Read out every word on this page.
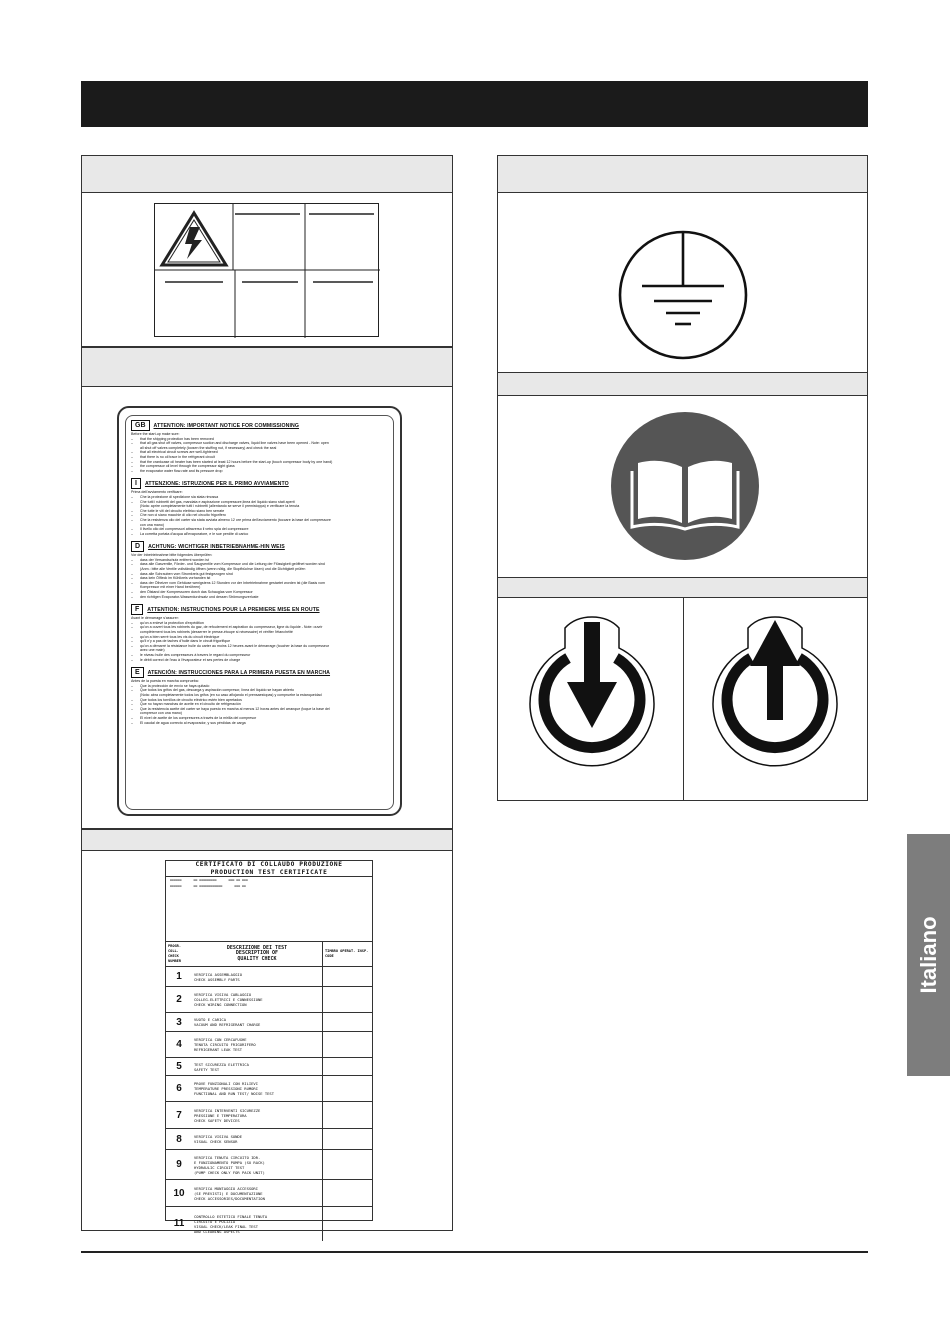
GB	ATTENTION: IMPORTANT NOTICE FOR COMMISSIONING
Before the start-up make sure:
–	that the shipping protection has been removed
–	that all gas shut off valves, compressor suction and discharge valves, liquid line valves have been opened - Note: open
all shut off valves completely (loosen the stuffing nut, if necessary) and check the seal
–	that all electrical circuit screws are well-tightened
–	that there is no oil trace in the refrigerant circuit
–	that the crankcase oil heater has been started at least 12 hours before the start-up (touch compressor body by one hand)
–	the compressor oil level through the compressor sight glass
–	the evaporator water flow-rate and its pressure drop
I	ATTENZIONE: ISTRUZIONE PER IL PRIMO AVVIAMENTO
Prima dell'avviamento verificare:
–	Che la protezione di spedizione sia stata rimossa
–	Che tutti i rubinetti del gas, mandata e aspirazione compressore,linea del liquido siano stati aperti
(Nota: aprire completamente tutti i rubinetti (allentando se serve il premistoppa) e verificare la tenuta
–	Che tutte le viti del circuito elettrico siano ben serrate
–	Che non ci siano macchie di olio nel circuito frigorifero
–	Che la resistenza olio del carter sia stata avviata almeno 12 ore prima dell'avviamento (toccare la base del compressore
con una mano)
–	Il livello olio del compressori attraverso il vetro spia del compressore
–	La corretta portata d'acqua all'evaporatore, e le sue perdite di carico
D	ACHTUNG: WICHTIGER INBETRIEBNAHME-HIN WEIS
Vor der Inbetriebnahme bitte folgendes überprüfen:
–	dass der Versandschutz entfernt worden ist
–	dass alle Gasventile, Förder- und Saugventile vom Kompressor und die Leitung der Flüssigkeit geöffnet worden sind
(Anm.: bitte alle Ventile vollständig öffnen (wenn nötig, die Stopfbüchse lösen) und die Dichtigkeit prüfen
–	dass alle Schrauben vom Stromkreis gut festgezogen sind
–	dass kein Ölfleck im Kühlkreis vorhanden ist
–	dass der Ölheizer vom Gehäuse wenigstens 12 Stunden vor der Inbetriebnahme gestartet worden ist (die Basis vom
Kompressor mit einer Hand berühren)
–	den Ölstand der Kompressoren durch das Schauglas vom Kompressor
–	den richtigen Evaporator-Wasserdurchsatz und dessen Strömungsverluste
F	ATTENTION: INSTRUCTIONS POUR LA PREMIERE MISE EN ROUTE
Avant le démarrage s'assurer:
–	qu'on a enlevé la protection d'expédition
–	qu'on a ouvert tous les robinets du gaz, de refoulement et aspiration du compresseur, ligne du liquide - Note: ouvrir
complètement tous les robinets (desserrer le presse-étoupe si nécessaire) et vérifier l'étanchéité
–	qu'on a bien serré tous les vis du circuit électrique
–	qu'il n'y a pas de taches d'huile dans le circuit frigorifique
–	qu'on a démarré la résistance huile du carter au moins 12 heures avant le démarrage (toucher la base du compresseur
avec une main)
–	le niveau huile des compresseurs à travers le regard du compresseur
–	le débit correct de l'eau à l'évaporateur et ses pertes de charge
E	ATENCIÓN: INSTRUCCIONES PARA LA PRIMERA PUESTA EN MARCHA
Antes de la puesta en marcha comprueba:
–	Que la protección de envío se haya quitado
–	Que todos los grifos del gas, descarga y aspiración compresor, línea del líquido se hayan abierto
(Nota: abra completamente todos los grifos (en su caso aflojando el prensaestopas) y compruebe la estanqueidad
–	Que todos los tornillos de circuito eléctrico estén bien apretados
–	Que no hayan manchas de aceite en el circuito de refrigeración
–	Que la resistencia aceite del carter se haya puesto en marcha al menos 12 horas antes del arranque (toque la base del
compresor con una mano)
–	El nivel de aceite de los compresores a través de la mirilla del compresor
–	El caudal de agua correcto al evaporador, y sus pérdidas de carga
CERTIFICATO DI COLLAUDO PRODUZIONE
PRODUCTION TEST CERTIFICATE
▬▬▬▬▬▬	▬▬ ▬▬▬▬▬▬▬▬▬	▬▬▬ ▬▬ ▬▬▬
▬▬▬▬▬▬	▬▬ ▬▬▬▬▬▬▬▬▬▬▬▬	▬▬▬ ▬▬
PROGR. COLL. CHECK NUMBER	DESCRIZIONE DEI TEST
DESCRIPTION OF
QUALITY CHECK	TIMBRO OPERAT. INSP. CODE
1	VERIFICA ASSEMBLAGGIO
CHECK ASSEMBLY PARTS	
2	VERIFICA VISIVA CABLAGGIO
COLLEG.ELETTRICI E CONNESSIONE
CHECK WIRING CONNECTION	
3	VUOTO E CARICA
VACUUM AND REFRIGERANT CHARGE	
4	VERIFICA CON CERCAFUGHE
TENUTA CIRCUITO FRIGORIFERO
REFRIGERANT LEAK TEST	
5	TEST SICUREZZA ELETTRICA
SAFETY TEST	
6	PROVE FUNZIONALI CON RILIEVI
TEMPERATURE PRESSIONI RUMORI
FUNCTIONAL AND RUN TEST/ NOISE TEST	
7	VERIFICA INTERVENTI SICUREZZE
PRESSIONE E TEMPERATURA
CHECK SAFETY DEVICES	
8	VERIFICA VISIVA SONDE
VISUAL CHECK SENSOR	
9	VERIFICA TENUTA CIRCUITO IDR.
E FUNZIONAMENTO POMPA (SU RACK)
HYDRAULIC CIRCUIT TEST
(PUMP CHECK ONLY FOR PACK UNIT)	
10	VERIFICA MONTAGGIO ACCESSORI
(SE PREVISTI) E DOCUMENTAZIONE
CHECK ACCESSORIES/DOCUMENTATION	
11	CONTROLLO ESTETICO FINALE TENUTA
CIRCUITO E PULIZIA
VISUAL CHECK/LEAK FINAL TEST
AND CLEANING ASPECTS	
Italiano
